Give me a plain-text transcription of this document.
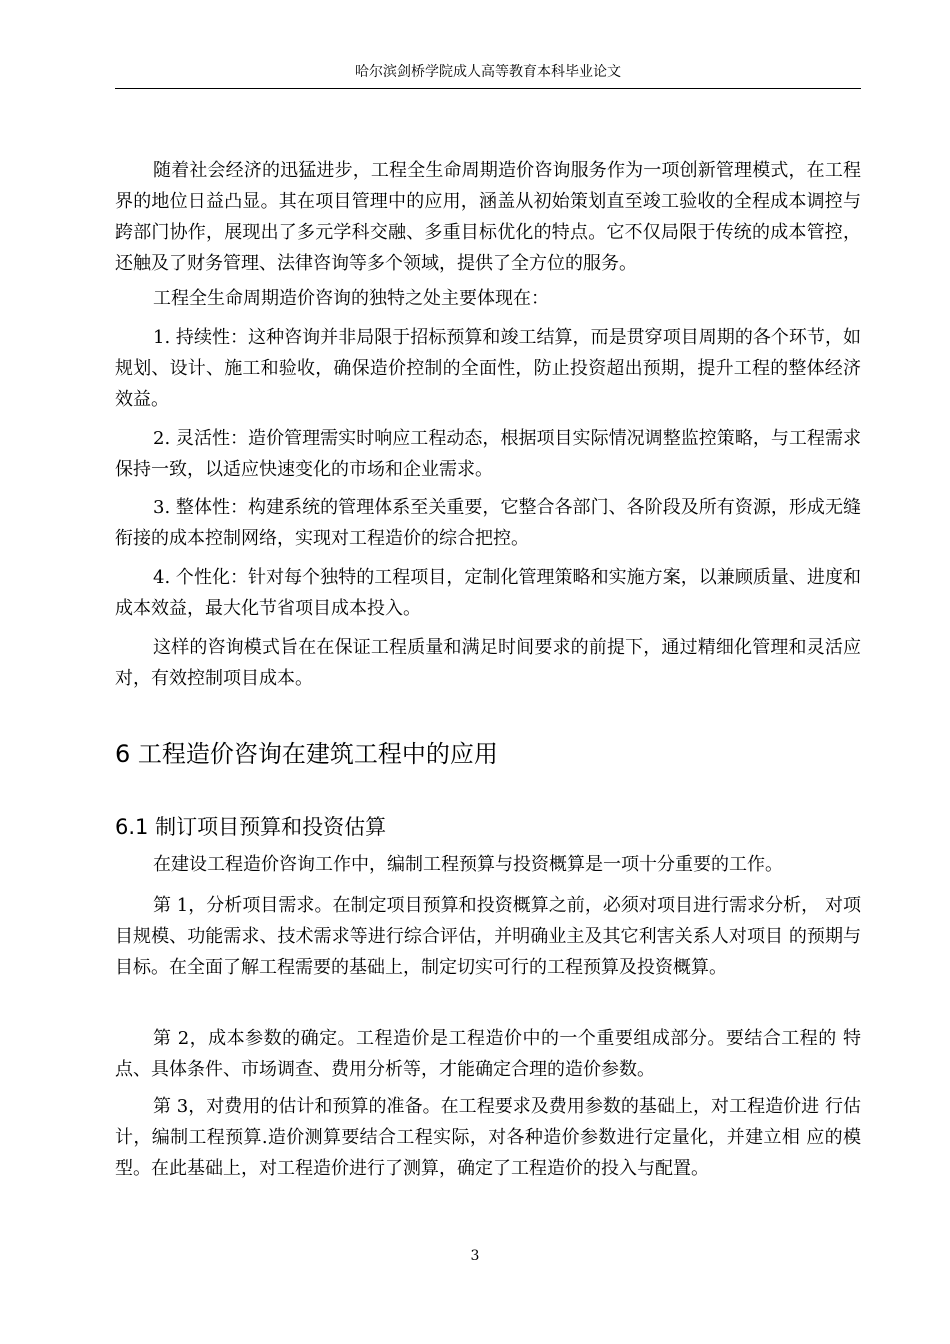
哈尔滨剑桥学院成人高等教育本科毕业论文

随着社会经济的迅猛进步，工程全生命周期造价咨询服务作为一项创新管理模式，在工程界的地位日益凸显。其在项目管理中的应用，涵盖从初始策划直至竣工验收的全程成本调控与跨部门协作，展现出了多元学科交融、多重目标优化的特点。它不仅局限于传统的成本管控，还触及了财务管理、法律咨询等多个领域，提供了全方位的服务。

工程全生命周期造价咨询的独特之处主要体现在：

1. 持续性：这种咨询并非局限于招标预算和竣工结算，而是贯穿项目周期的各个环节，如规划、设计、施工和验收，确保造价控制的全面性，防止投资超出预期，提升工程的整体经济效益。

2. 灵活性：造价管理需实时响应工程动态，根据项目实际情况调整监控策略，与工程需求保持一致，以适应快速变化的市场和企业需求。

3. 整体性：构建系统的管理体系至关重要，它整合各部门、各阶段及所有资源，形成无缝衔接的成本控制网络，实现对工程造价的综合把控。

4. 个性化：针对每个独特的工程项目，定制化管理策略和实施方案，以兼顾质量、进度和成本效益，最大化节省项目成本投入。

这样的咨询模式旨在在保证工程质量和满足时间要求的前提下，通过精细化管理和灵活应对，有效控制项目成本。

6 工程造价咨询在建筑工程中的应用
6.1 制订项目预算和投资估算

在建设工程造价咨询工作中，编制工程预算与投资概算是一项十分重要的工作。

第 1，分析项目需求。在制定项目预算和投资概算之前，必须对项目进行需求分析， 对项目规模、功能需求、技术需求等进行综合评估，并明确业主及其它利害关系人对项目 的预期与目标。在全面了解工程需要的基础上，制定切实可行的工程预算及投资概算。

第 2，成本参数的确定。工程造价是工程造价中的一个重要组成部分。要结合工程的 特点、具体条件、市场调查、费用分析等，才能确定合理的造价参数。

第 3，对费用的估计和预算的准备。在工程要求及费用参数的基础上，对工程造价进 行估计，编制工程预算.造价测算要结合工程实际，对各种造价参数进行定量化，并建立相 应的模型。在此基础上，对工程造价进行了测算，确定了工程造价的投入与配置。

3
